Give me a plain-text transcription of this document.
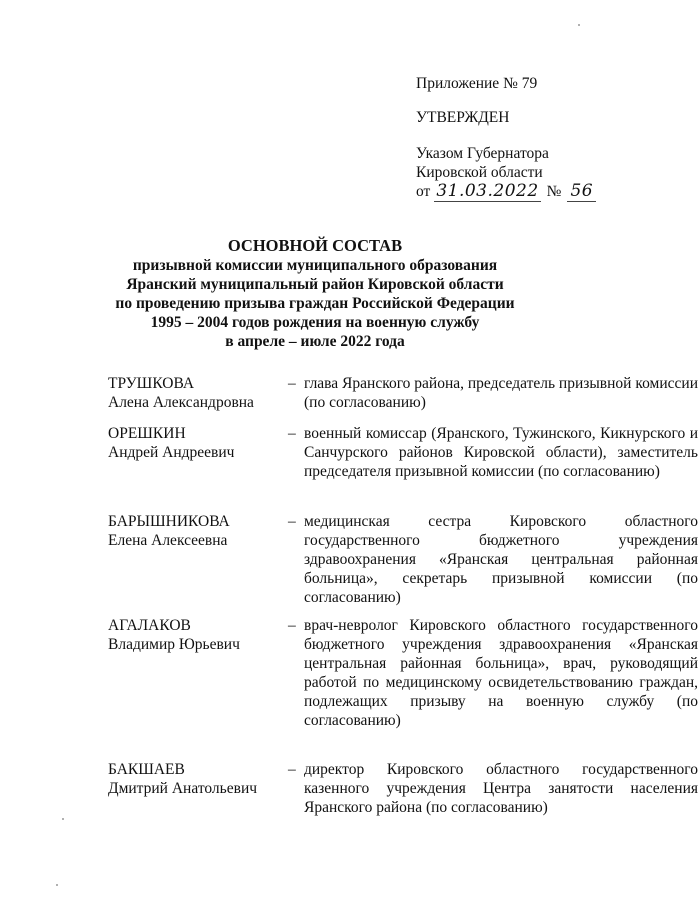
Приложение № 79
УТВЕРЖДЕН
Указом Губернатора
Кировской области
от 31.03.2022 № 56
ОСНОВНОЙ СОСТАВ
призывной комиссии муниципального образования
Яранский муниципальный район Кировской области
по проведению призыва граждан Российской Федерации
1995 – 2004 годов рождения на военную службу
в апреле – июле 2022 года
ТРУШКОВА
Алена Александровна
– глава Яранского района, председатель призывной комиссии (по согласованию)
ОРЕШКИН
Андрей Андреевич
– военный комиссар (Яранского, Тужинского, Кикнурского и Санчурского районов Кировской области), заместитель председателя призывной комиссии (по согласованию)
БАРЫШНИКОВА
Елена Алексеевна
– медицинская сестра Кировского областного государственного бюджетного учреждения здравоохранения «Яранская центральная районная больница», секретарь призывной комиссии (по согласованию)
АГАЛАКОВ
Владимир Юрьевич
– врач-невролог Кировского областного государственного бюджетного учреждения здравоохранения «Яранская центральная районная больница», врач, руководящий работой по медицинскому освидетельствованию граждан, подлежащих призыву на военную службу (по согласованию)
БАКШАЕВ
Дмитрий Анатольевич
– директор Кировского областного государственного казенного учреждения Центра занятости населения Яранского района (по согласованию)
